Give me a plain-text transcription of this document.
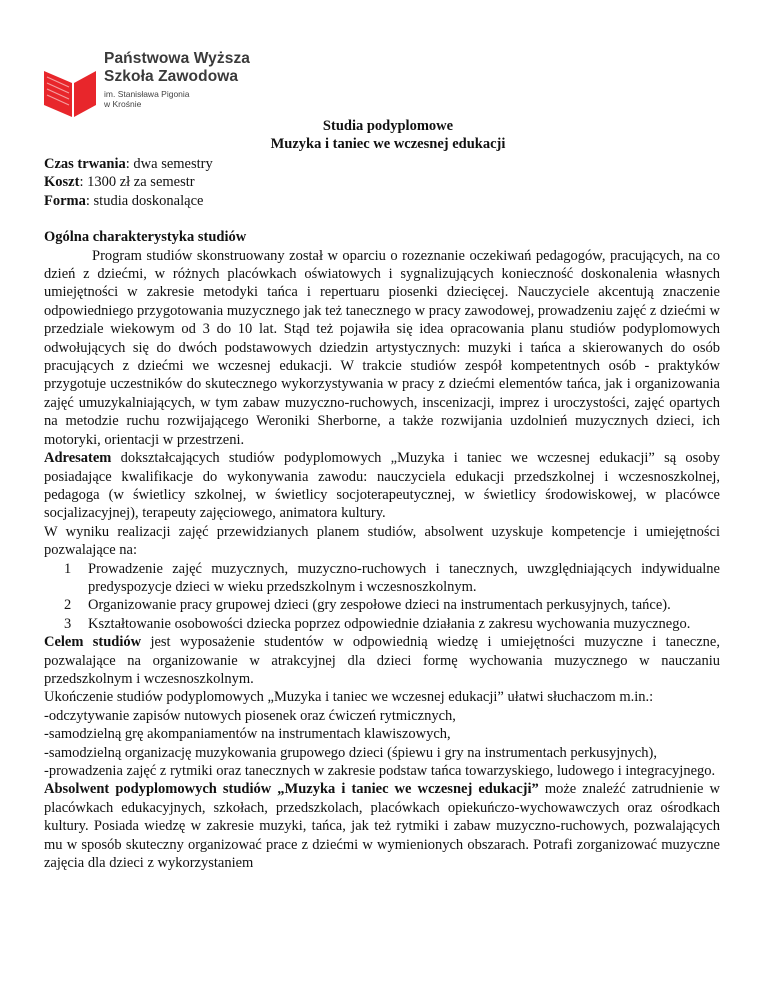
Państwowa Wyższa
Szkoła Zawodowa
im. Stanisława Pigonia
w Krośnie
Studia podyplomowe
Muzyka i taniec we wczesnej edukacji
Czas trwania: dwa semestry
Koszt: 1300 zł za semestr
Forma: studia doskonalące
Ogólna charakterystyka studiów

Program studiów skonstruowany został w oparciu o rozeznanie oczekiwań pedagogów, pracujących, na co dzień z dziećmi, w różnych placówkach oświatowych i sygnalizujących konieczność doskonalenia własnych umiejętności w zakresie metodyki tańca i repertuaru piosenki dziecięcej. Nauczyciele akcentują znaczenie odpowiedniego przygotowania muzycznego jak też tanecznego w pracy zawodowej, prowadzeniu zajęć z dziećmi w przedziale wiekowym od 3 do 10 lat. Stąd też pojawiła się idea opracowania planu studiów podyplomowych odwołujących się do dwóch podstawowych dziedzin artystycznych: muzyki i tańca a skierowanych do osób pracujących z dziećmi we wczesnej edukacji. W trakcie studiów zespół kompetentnych osób - praktyków przygotuje uczestników do skutecznego wykorzystywania w pracy z dziećmi elementów tańca, jak i organizowania zajęć umuzykalniających, w tym zabaw muzyczno-ruchowych, inscenizacji, imprez i uroczystości, zajęć opartych na metodzie ruchu rozwijającego Weroniki Sherborne, a także rozwijania uzdolnień muzycznych dzieci, ich motoryki, orientacji w przestrzeni.

Adresatem dokształcających studiów podyplomowych „Muzyka i taniec we wczesnej edukacji” są osoby posiadające kwalifikacje do wykonywania zawodu: nauczyciela edukacji przedszkolnej i wczesnoszkolnej, pedagoga (w świetlicy szkolnej, w świetlicy socjoterapeutycznej, w świetlicy środowiskowej, w placówce socjalizacyjnej), terapeuty zajęciowego, animatora kultury.

W wyniku realizacji zajęć przewidzianych planem studiów, absolwent uzyskuje kompetencje i umiejętności pozwalające na:

1 Prowadzenie zajęć muzycznych, muzyczno-ruchowych i tanecznych, uwzględniających indywidualne predyspozycje dzieci w wieku przedszkolnym i wczesnoszkolnym.
2 Organizowanie pracy grupowej dzieci (gry zespołowe dzieci na instrumentach perkusyjnych, tańce).
3 Kształtowanie osobowości dziecka poprzez odpowiednie działania z zakresu wychowania muzycznego.

Celem studiów jest wyposażenie studentów w odpowiednią wiedzę i umiejętności muzyczne i taneczne, pozwalające na organizowanie w atrakcyjnej dla dzieci formę wychowania muzycznego w nauczaniu przedszkolnym i wczesnoszkolnym.

Ukończenie studiów podyplomowych „Muzyka i taniec we wczesnej edukacji” ułatwi słuchaczom m.in.:

-odczytywanie zapisów nutowych piosenek oraz ćwiczeń rytmicznych,

-samodzielną grę akompaniamentów na instrumentach klawiszowych,

-samodzielną organizację muzykowania grupowego dzieci (śpiewu i gry na instrumentach perkusyjnych),

-prowadzenia zajęć z rytmiki oraz tanecznych w zakresie podstaw tańca towarzyskiego, ludowego i integracyjnego.

Absolwent podyplomowych studiów „Muzyka i taniec we wczesnej edukacji” może znaleźć zatrudnienie w placówkach edukacyjnych, szkołach, przedszkolach, placówkach opiekuńczo-wychowawczych oraz ośrodkach kultury. Posiada wiedzę w zakresie muzyki, tańca, jak też rytmiki i zabaw muzyczno-ruchowych, pozwalających mu w sposób skuteczny organizować prace z dziećmi w wymienionych obszarach. Potrafi zorganizować muzyczne zajęcia dla dzieci z wykorzystaniem
